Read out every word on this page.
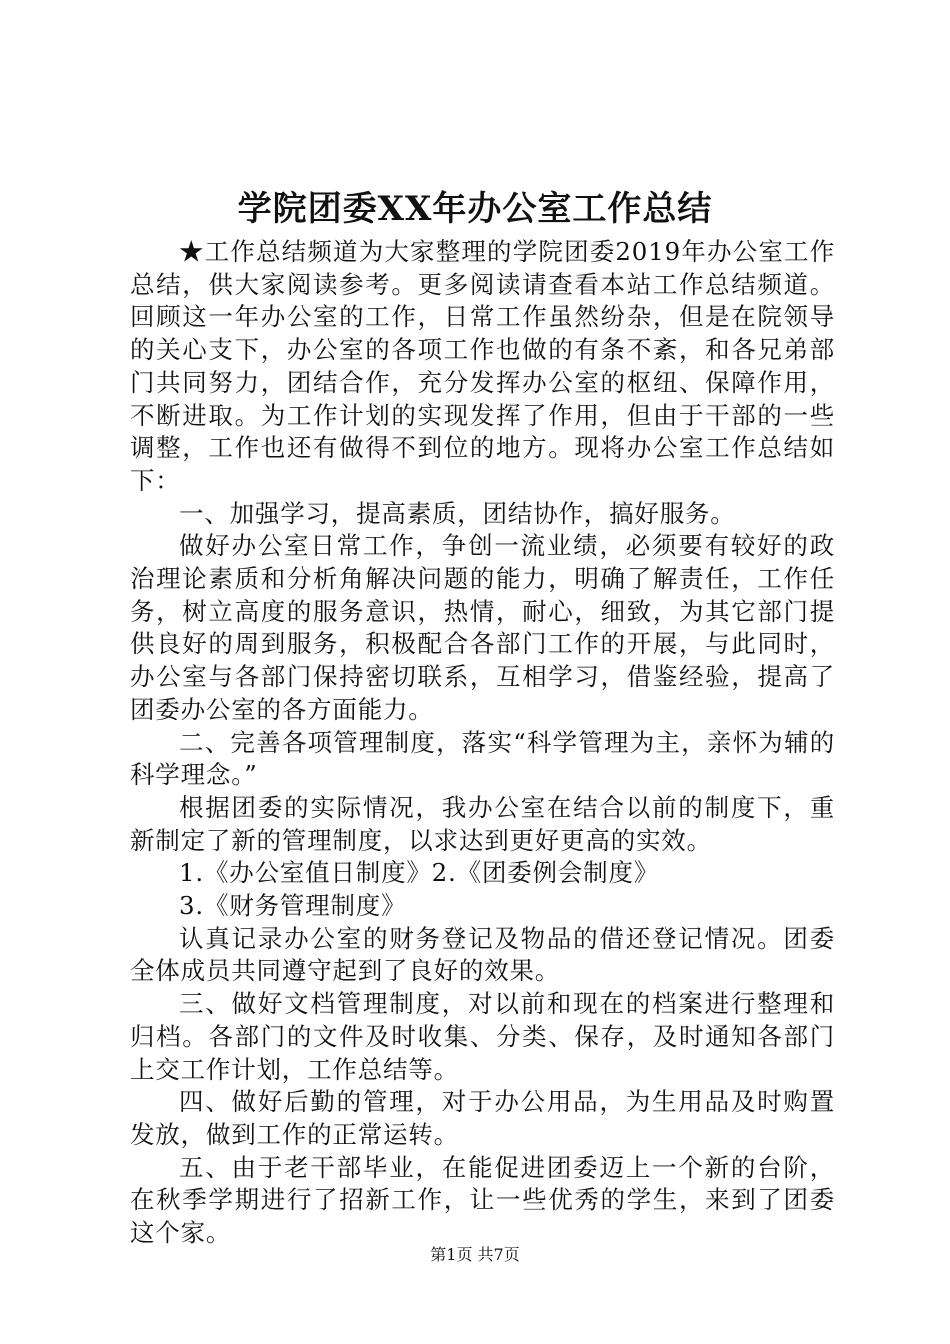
学院团委XX年办公室工作总结

★工作总结频道为大家整理的学院团委2019年办公室工作总结，供大家阅读参考。更多阅读请查看本站工作总结频道。回顾这一年办公室的工作，日常工作虽然纷杂，但是在院领导的关心支下，办公室的各项工作也做的有条不紊，和各兄弟部门共同努力，团结合作，充分发挥办公室的枢纽、保障作用，不断进取。为工作计划的实现发挥了作用，但由于干部的一些调整，工作也还有做得不到位的地方。现将办公室工作总结如下：

一、加强学习，提高素质，团结协作，搞好服务。

做好办公室日常工作，争创一流业绩，必须要有较好的政治理论素质和分析角解决问题的能力，明确了解责任，工作任务，树立高度的服务意识，热情，耐心，细致，为其它部门提供良好的周到服务，积极配合各部门工作的开展，与此同时，办公室与各部门保持密切联系，互相学习，借鉴经验，提高了团委办公室的各方面能力。

二、完善各项管理制度，落实“科学管理为主，亲怀为辅的科学理念。”

根据团委的实际情况，我办公室在结合以前的制度下，重新制定了新的管理制度，以求达到更好更高的实效。

1.《办公室值日制度》2.《团委例会制度》

3.《财务管理制度》

认真记录办公室的财务登记及物品的借还登记情况。团委全体成员共同遵守起到了良好的效果。

三、做好文档管理制度，对以前和现在的档案进行整理和归档。各部门的文件及时收集、分类、保存，及时通知各部门上交工作计划，工作总结等。

四、做好后勤的管理，对于办公用品，为生用品及时购置发放，做到工作的正常运转。

五、由于老干部毕业，在能促进团委迈上一个新的台阶，在秋季学期进行了招新工作，让一些优秀的学生，来到了团委这个家。

第1页 共7页
